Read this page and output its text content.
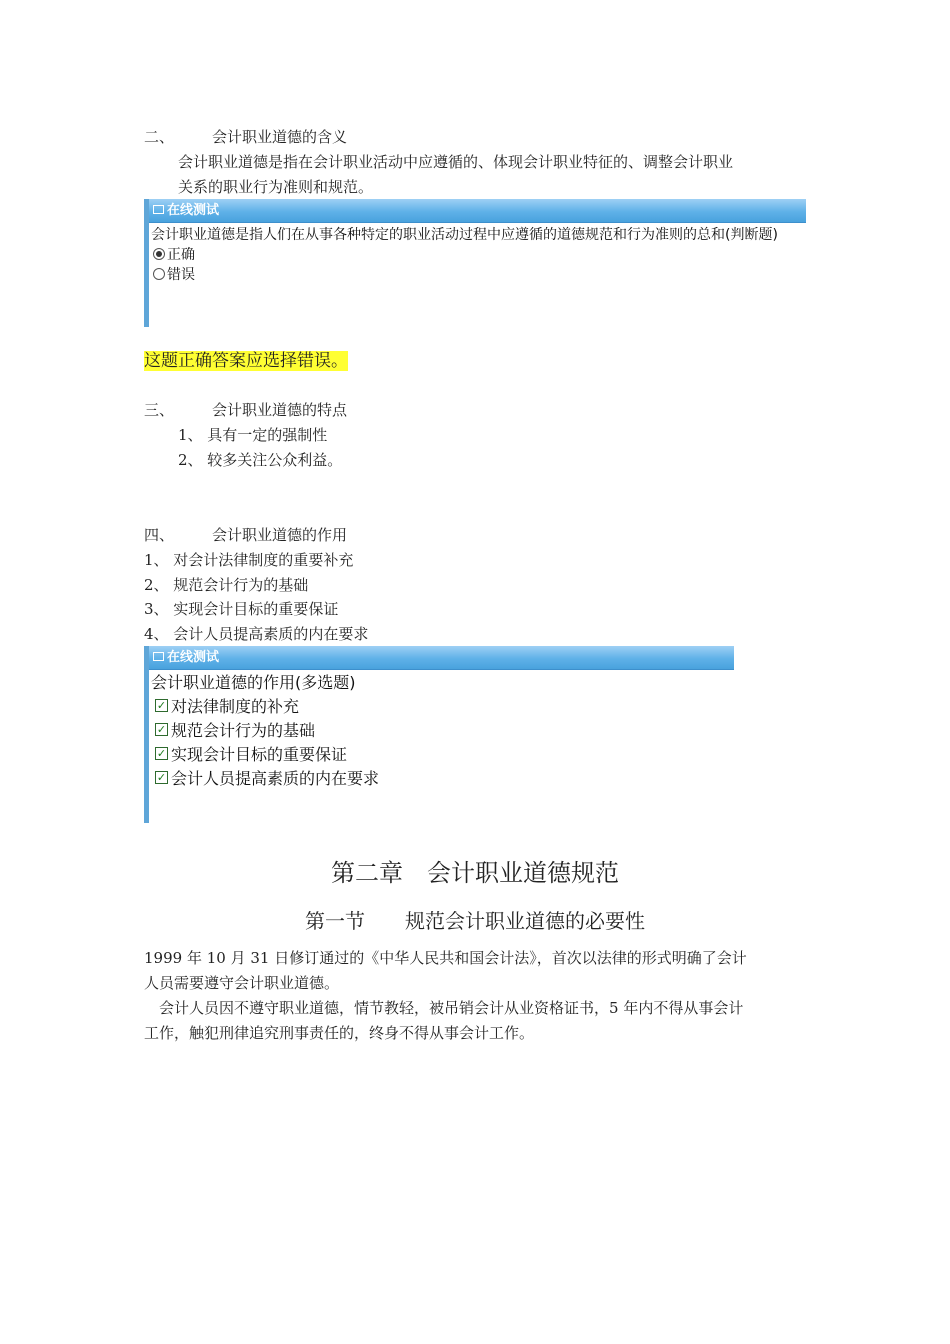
二、	会计职业道德的含义
会计职业道德是指在会计职业活动中应遵循的、体现会计职业特征的、调整会计职业
关系的职业行为准则和规范。
在线测试
会计职业道德是指人们在从事各种特定的职业活动过程中应遵循的道德规范和行为准则的总和(判断题)
正确
错误
这题正确答案应选择错误。
三、	会计职业道德的特点
1、 具有一定的强制性
2、 较多关注公众利益。
四、	会计职业道德的作用
1、 对会计法律制度的重要补充
2、 规范会计行为的基础
3、 实现会计目标的重要保证
4、 会计人员提高素质的内在要求
在线测试
会计职业道德的作用(多选题)
✓ 对法律制度的补充
✓ 规范会计行为的基础
✓ 实现会计目标的重要保证
✓ 会计人员提高素质的内在要求
第二章　会计职业道德规范
第一节　　规范会计职业道德的必要性
1999 年 10 月 31 日修订通过的《中华人民共和国会计法》，首次以法律的形式明确了会计
人员需要遵守会计职业道德。
　会计人员因不遵守职业道德，情节教轻，被吊销会计从业资格证书，5 年内不得从事会计
工作，触犯刑律追究刑事责任的，终身不得从事会计工作。
